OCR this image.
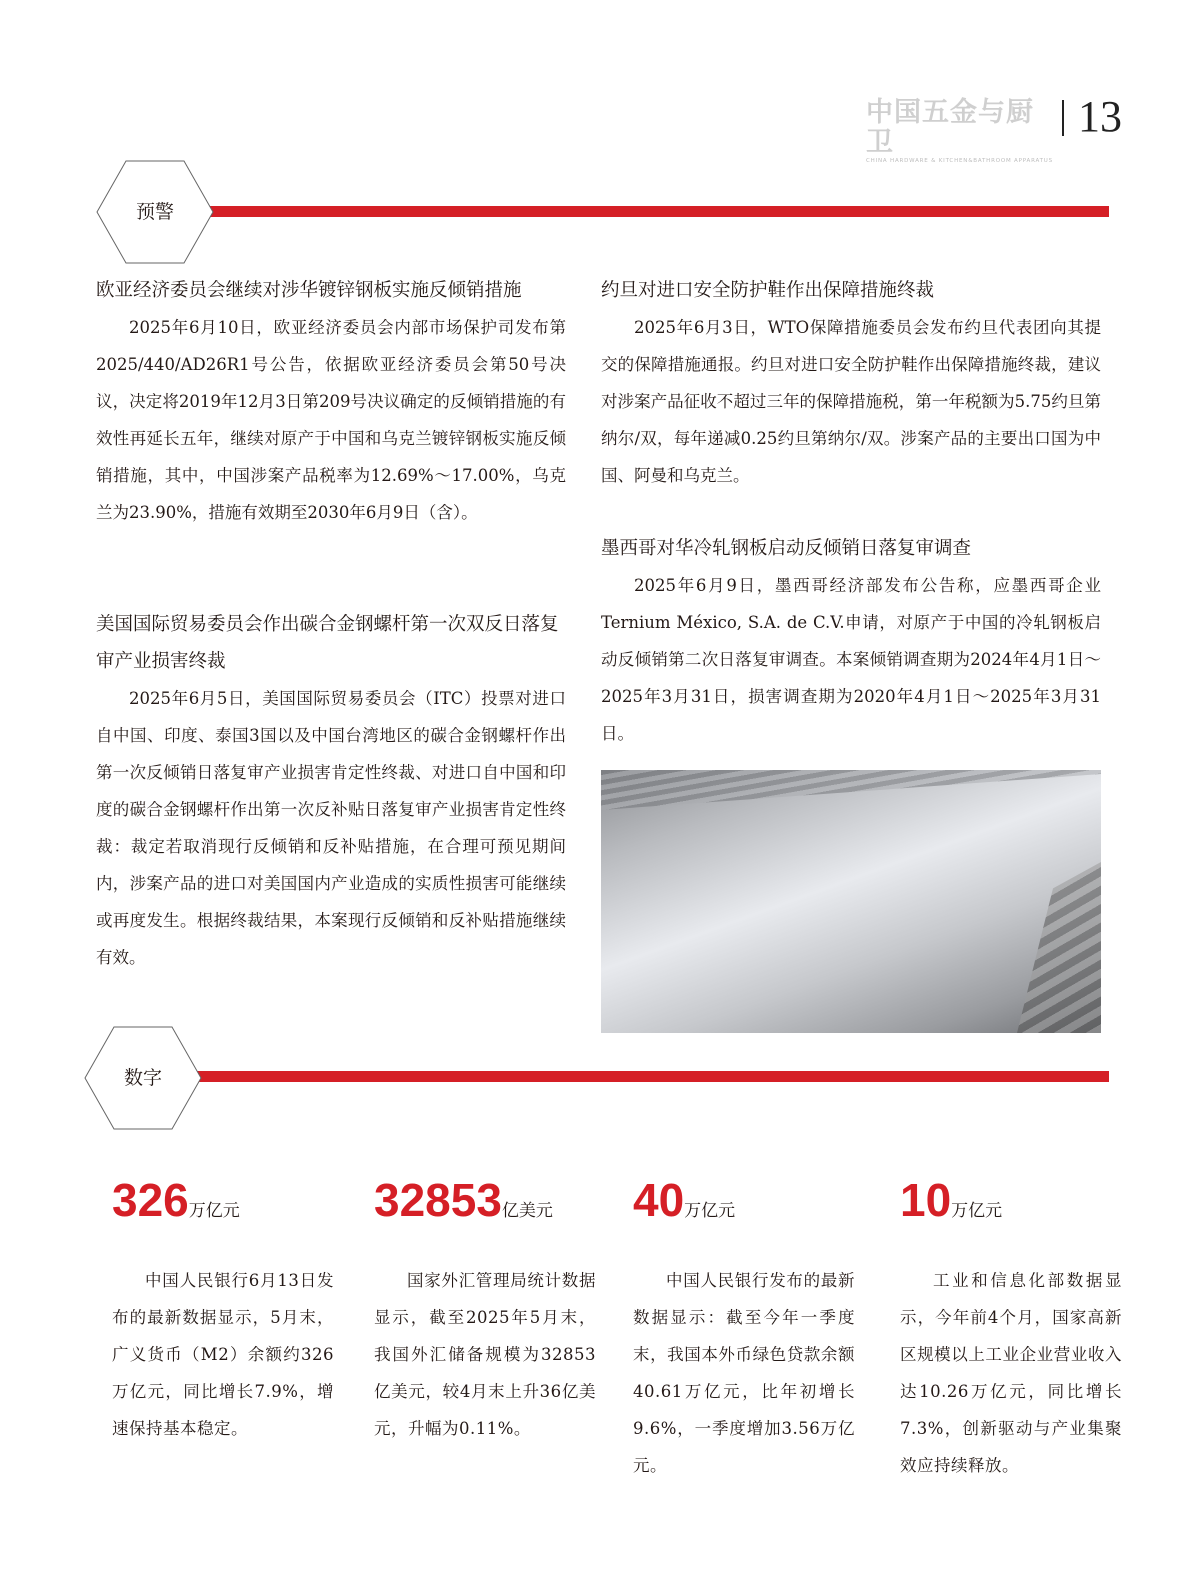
中国五金与厨卫
CHINA HARDWARE & KITCHEN&BATHROOM APPARATUS
13
预警
欧亚经济委员会继续对涉华镀锌钢板实施反倾销措施

2025年6月10日，欧亚经济委员会内部市场保护司发布第2025/440/AD26R1号公告，依据欧亚经济委员会第50号决议，决定将2019年12月3日第209号决议确定的反倾销措施的有效性再延长五年，继续对原产于中国和乌克兰镀锌钢板实施反倾销措施，其中，中国涉案产品税率为12.69%～17.00%，乌克兰为23.90%，措施有效期至2030年6月9日（含）。

美国国际贸易委员会作出碳合金钢螺杆第一次双反日落复审产业损害终裁

2025年6月5日，美国国际贸易委员会（ITC）投票对进口自中国、印度、泰国3国以及中国台湾地区的碳合金钢螺杆作出第一次反倾销日落复审产业损害肯定性终裁、对进口自中国和印度的碳合金钢螺杆作出第一次反补贴日落复审产业损害肯定性终裁：裁定若取消现行反倾销和反补贴措施，在合理可预见期间内，涉案产品的进口对美国国内产业造成的实质性损害可能继续或再度发生。根据终裁结果，本案现行反倾销和反补贴措施继续有效。

约旦对进口安全防护鞋作出保障措施终裁

2025年6月3日，WTO保障措施委员会发布约旦代表团向其提交的保障措施通报。约旦对进口安全防护鞋作出保障措施终裁，建议对涉案产品征收不超过三年的保障措施税，第一年税额为5.75约旦第纳尔/双，每年递减0.25约旦第纳尔/双。涉案产品的主要出口国为中国、阿曼和乌克兰。

墨西哥对华冷轧钢板启动反倾销日落复审调查

2025年6月9日，墨西哥经济部发布公告称，应墨西哥企业Ternium México, S.A. de C.V.申请，对原产于中国的冷轧钢板启动反倾销第二次日落复审调查。本案倾销调查期为2024年4月1日～2025年3月31日，损害调查期为2020年4月1日～2025年3月31日。

数字
326万亿元

中国人民银行6月13日发布的最新数据显示，5月末，广义货币（M2）余额约326万亿元，同比增长7.9%，增速保持基本稳定。

32853亿美元

国家外汇管理局统计数据显示，截至2025年5月末，我国外汇储备规模为32853亿美元，较4月末上升36亿美元，升幅为0.11%。

40万亿元

中国人民银行发布的最新数据显示：截至今年一季度末，我国本外币绿色贷款余额40.61万亿元，比年初增长9.6%，一季度增加3.56万亿元。

10万亿元

工业和信息化部数据显示，今年前4个月，国家高新区规模以上工业企业营业收入达10.26万亿元，同比增长7.3%，创新驱动与产业集聚效应持续释放。
